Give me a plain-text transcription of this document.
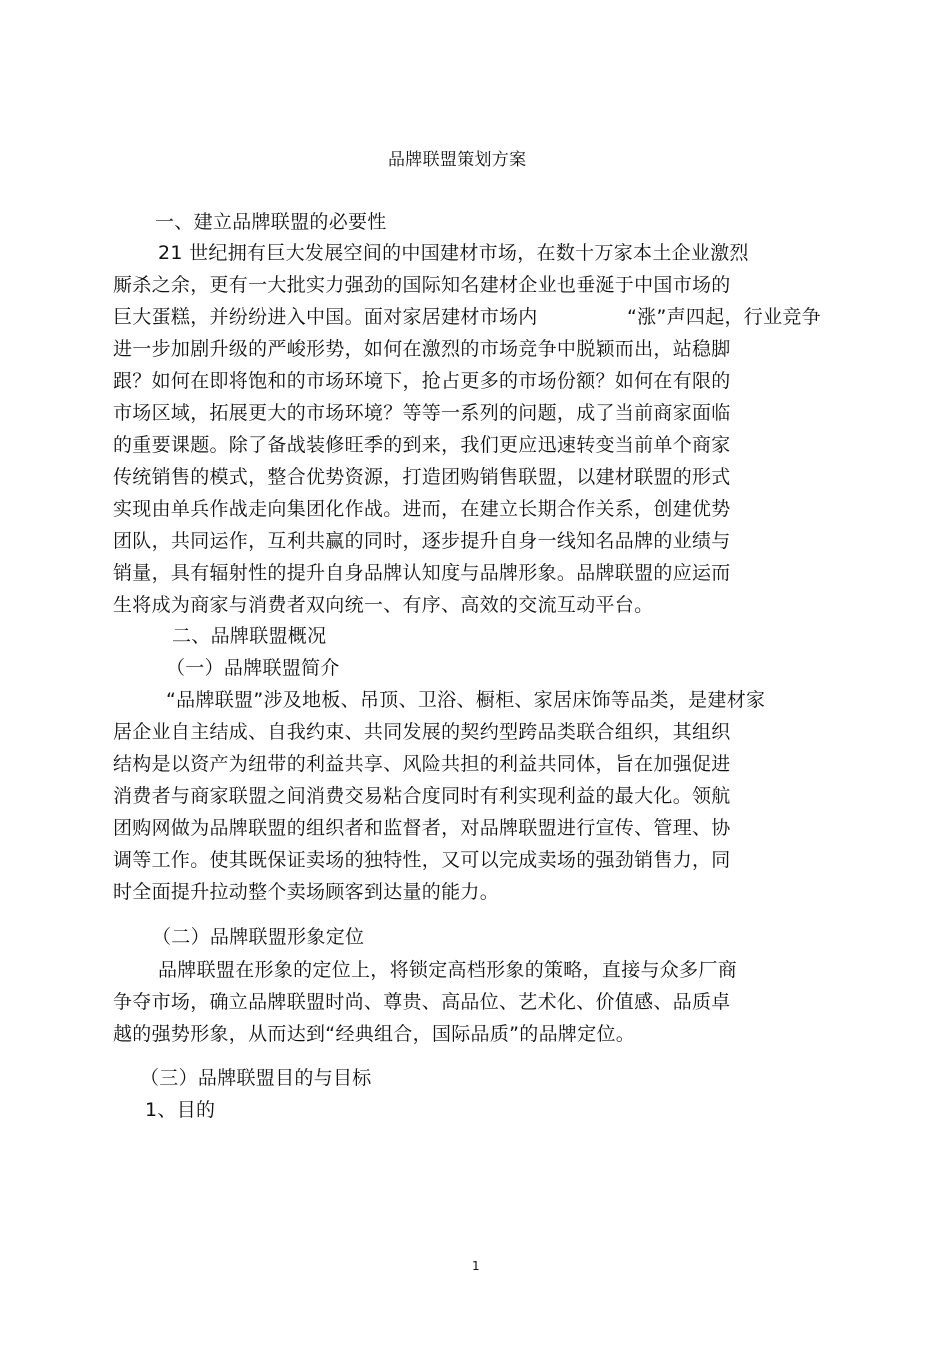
品牌联盟策划方案
一、建立品牌联盟的必要性
21 世纪拥有巨大发展空间的中国建材市场，在数十万家本土企业激烈
厮杀之余，更有一大批实力强劲的国际知名建材企业也垂涎于中国市场的
巨大蛋糕，并纷纷进入中国。面对家居建材市场内	“涨”声四起，行业竞争
进一步加剧升级的严峻形势，如何在激烈的市场竞争中脱颖而出，站稳脚
跟？如何在即将饱和的市场环境下，抢占更多的市场份额？如何在有限的
市场区域，拓展更大的市场环境？等等一系列的问题，成了当前商家面临
的重要课题。除了备战装修旺季的到来，我们更应迅速转变当前单个商家
传统销售的模式，整合优势资源，打造团购销售联盟，以建材联盟的形式
实现由单兵作战走向集团化作战。进而，在建立长期合作关系，创建优势
团队，共同运作，互利共赢的同时，逐步提升自身一线知名品牌的业绩与
销量，具有辐射性的提升自身品牌认知度与品牌形象。品牌联盟的应运而
生将成为商家与消费者双向统一、有序、高效的交流互动平台。
二、品牌联盟概况
（一）品牌联盟简介
“品牌联盟”涉及地板、吊顶、卫浴、橱柜、家居床饰等品类，是建材家
居企业自主结成、自我约束、共同发展的契约型跨品类联合组织，其组织
结构是以资产为纽带的利益共享、风险共担的利益共同体，旨在加强促进
消费者与商家联盟之间消费交易粘合度同时有利实现利益的最大化。领航
团购网做为品牌联盟的组织者和监督者，对品牌联盟进行宣传、管理、协
调等工作。使其既保证卖场的独特性，又可以完成卖场的强劲销售力，同
时全面提升拉动整个卖场顾客到达量的能力。
（二）品牌联盟形象定位
品牌联盟在形象的定位上，将锁定高档形象的策略，直接与众多厂商
争夺市场，确立品牌联盟时尚、尊贵、高品位、艺术化、价值感、品质卓
越的强势形象，从而达到“经典组合，国际品质”的品牌定位。
（三）品牌联盟目的与目标
1、目的
1
